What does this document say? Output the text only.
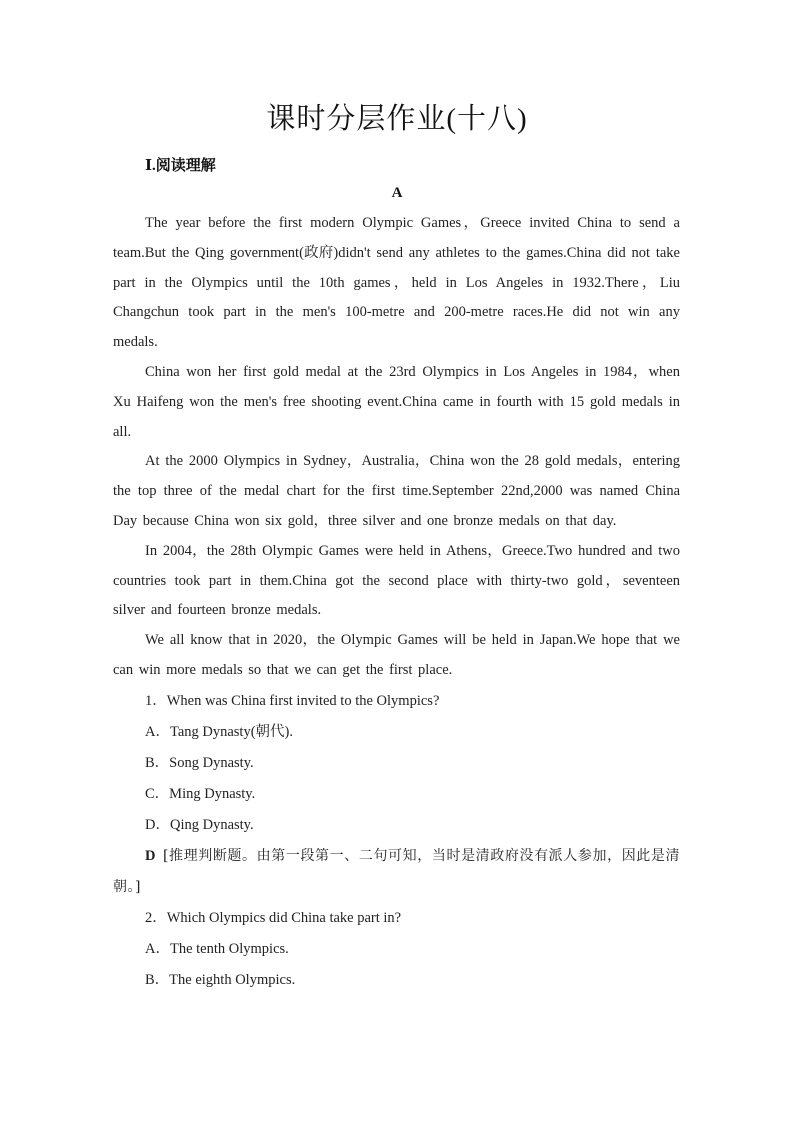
课时分层作业(十八)
Ⅰ.阅读理解
A

The year before the first modern Olympic Games，Greece invited China to send a team.But the Qing government(政府)didn't send any athletes to the games.China did not take part in the Olympics until the 10th games，held in Los Angeles in 1932.There，Liu Changchun took part in the men's 100-metre and 200-metre races.He did not win any medals.

China won her first gold medal at the 23rd Olympics in Los Angeles in 1984，when Xu Haifeng won the men's free shooting event.China came in fourth with 15 gold medals in all.

At the 2000 Olympics in Sydney，Australia，China won the 28 gold medals，entering the top three of the medal chart for the first time.September 22nd,2000 was named China Day because China won six gold，three silver and one bronze medals on that day.

In 2004，the 28th Olympic Games were held in Athens，Greece.Two hundred and two countries took part in them.China got the second place with thirty-two gold，seventeen silver and fourteen bronze medals.

We all know that in 2020，the Olympic Games will be held in Japan.We hope that we can win more medals so that we can get the first place.

1．When was China first invited to the Olympics?

A．Tang Dynasty(朝代).

B．Song Dynasty.

C．Ming Dynasty.

D．Qing Dynasty.

D [推理判断题。由第一段第一、二句可知，当时是清政府没有派人参加，因此是清朝。]

2．Which Olympics did China take part in?

A．The tenth Olympics.

B．The eighth Olympics.
